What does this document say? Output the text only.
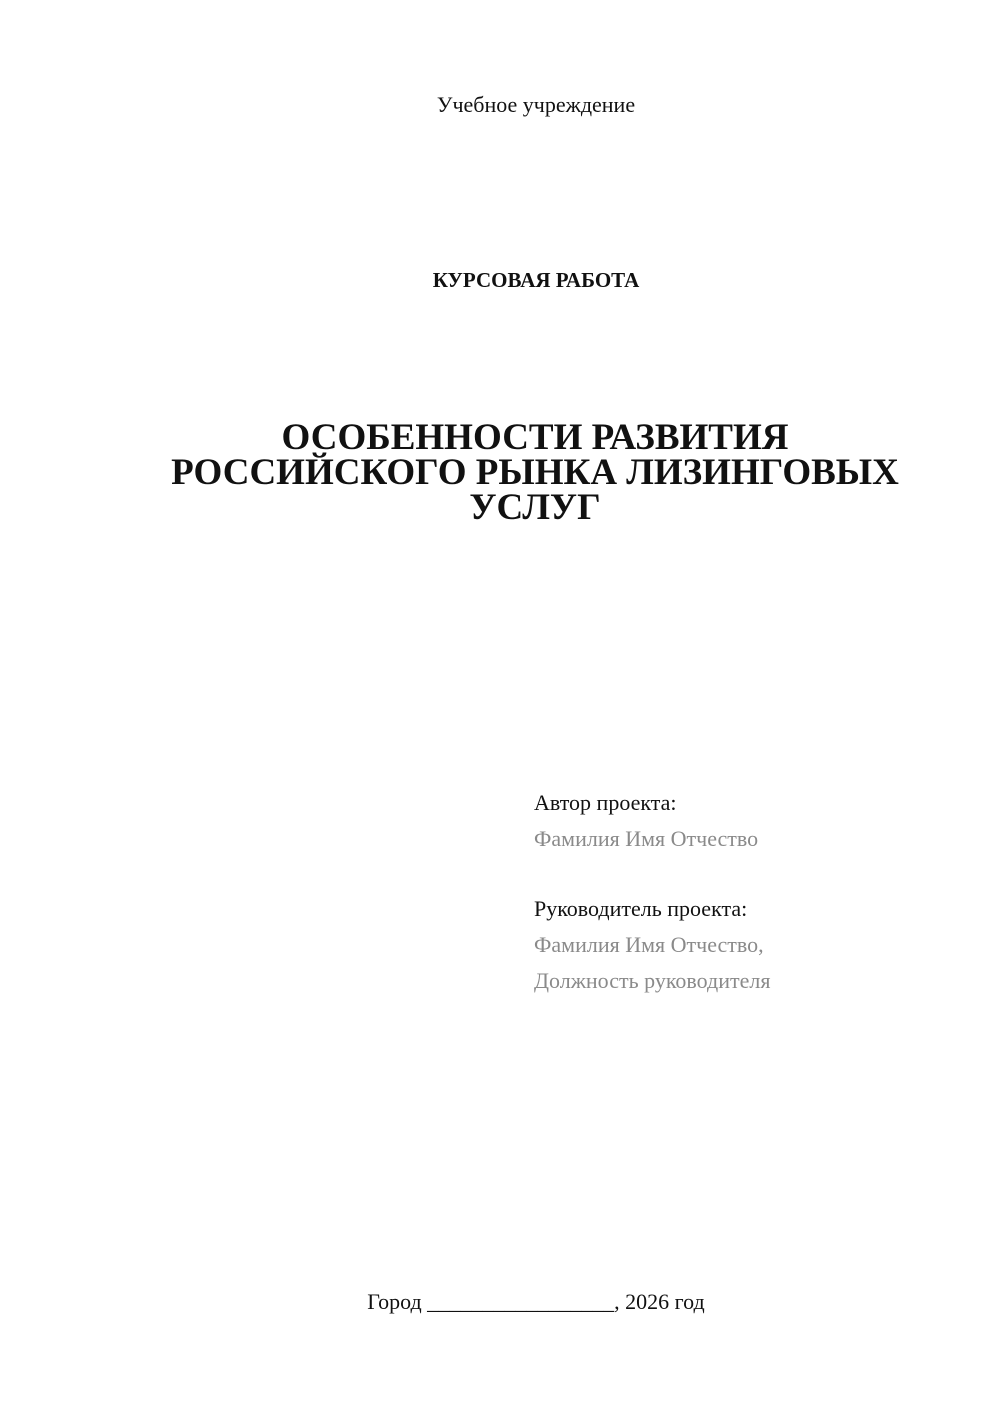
Учебное учреждение
КУРСОВАЯ РАБОТА
ОСОБЕННОСТИ РАЗВИТИЯ
РОССИЙСКОГО РЫНКА ЛИЗИНГОВЫХ
УСЛУГ
Автор проекта:
Фамилия Имя Отчество
Руководитель проекта:
Фамилия Имя Отчество,
Должность руководителя
Город _________________, 2026 год
